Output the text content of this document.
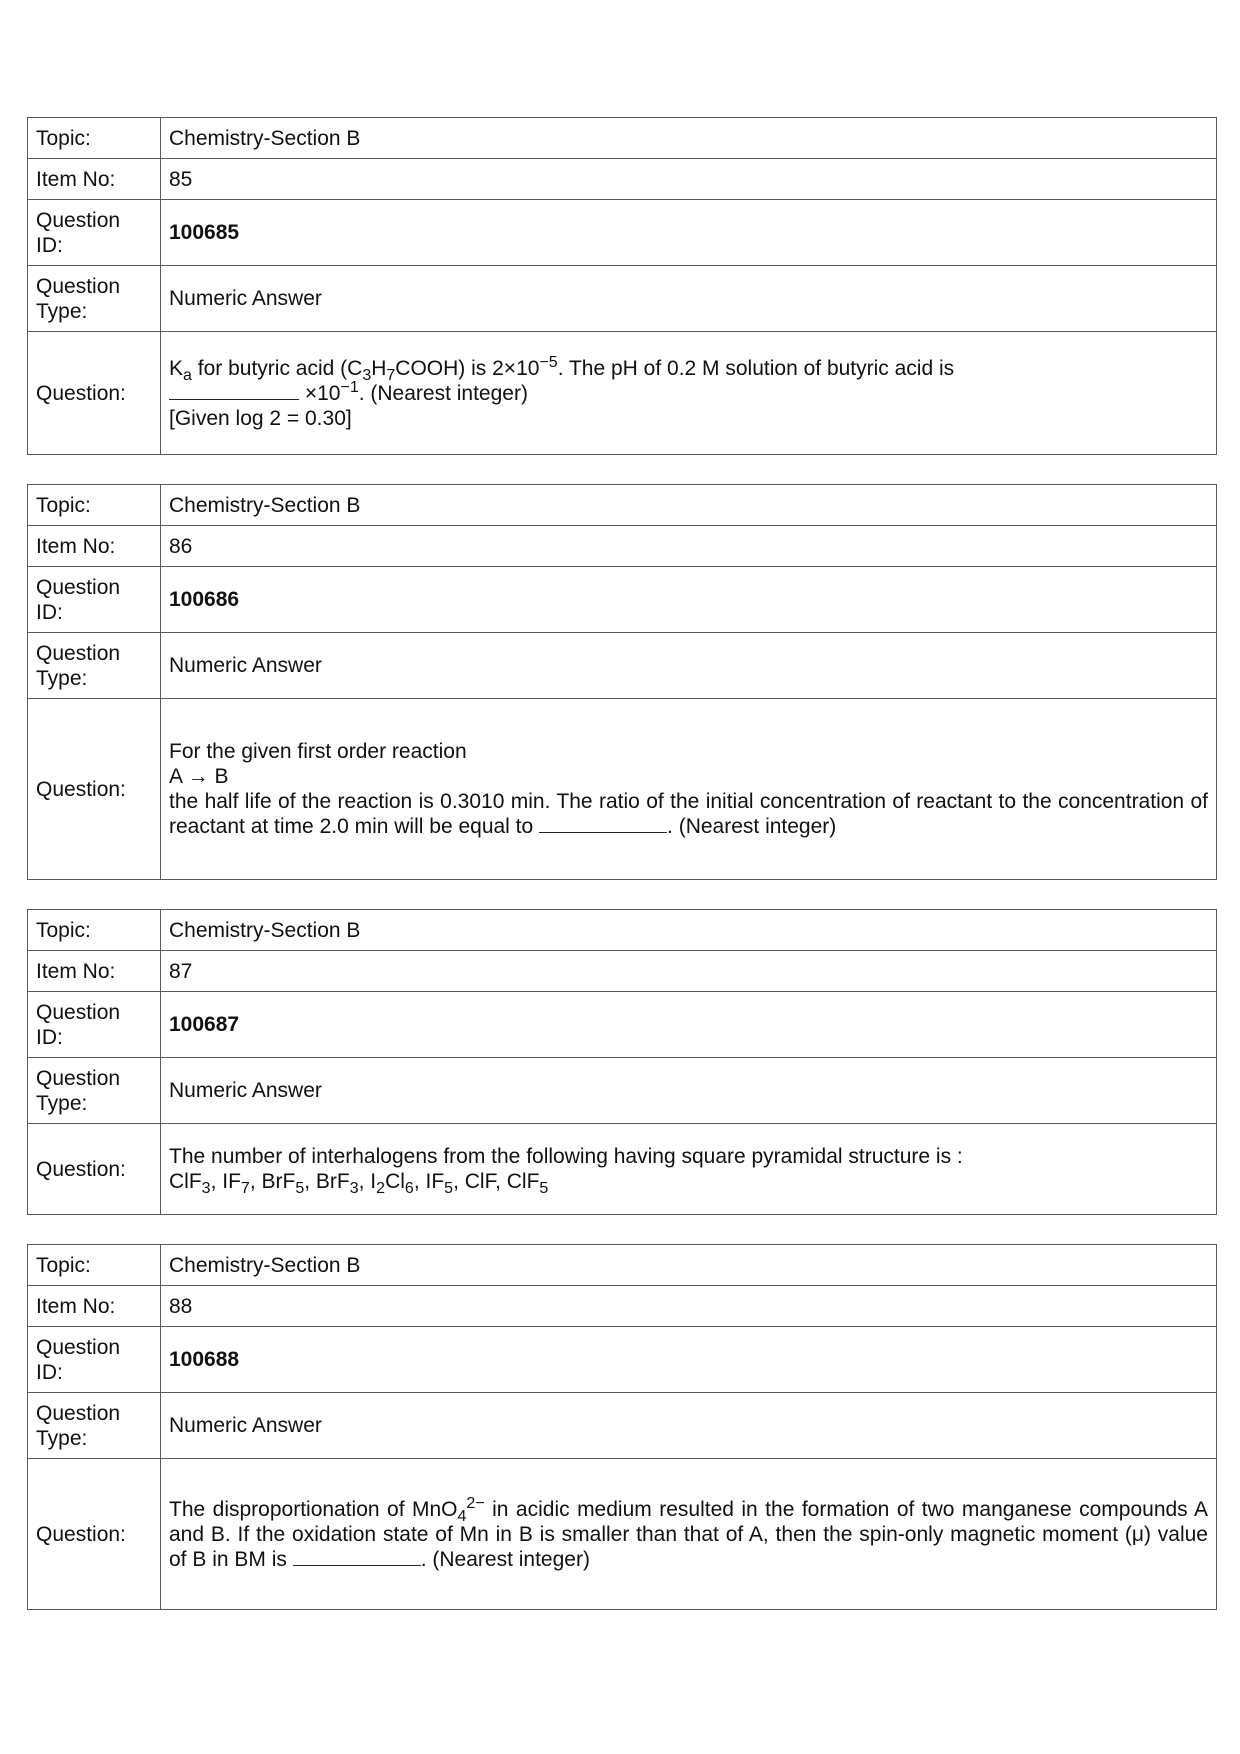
Topic:	Chemistry-Section B
Item No:	85
Question ID:	100685
Question Type:	Numeric Answer
Question:	$K_a$ for butyric acid $(C_3H_7COOH)$ is $2\times 10^{-5}$. The pH of 0.2 M solution of butyric acid is
$\times 10^{-1}$. (Nearest integer)
[Given log 2 = 0.30]
Topic:	Chemistry-Section B
Item No:	86
Question ID:	100686
Question Type:	Numeric Answer
Question:	For the given first order reaction
A → B
the half life of the reaction is 0.3010 min. The ratio of the initial concentration of reactant to the concentration of reactant at time 2.0 min will be equal to . (Nearest integer)
Topic:	Chemistry-Section B
Item No:	87
Question ID:	100687
Question Type:	Numeric Answer
Question:	The number of interhalogens from the following having square pyramidal structure is :
ClF$_3$, $IF_7$, BrF$_5$, BrF$_3$, $I_2Cl_6$, $IF_5$, ClF, ClF$_5$
Topic:	Chemistry-Section B
Item No:	88
Question ID:	100688
Question Type:	Numeric Answer
Question:	The disproportionation of MnO$_4^{2-}$ in acidic medium resulted in the formation of two manganese compounds A and B. If the oxidation state of Mn in B is smaller than that of A, then the spin-only magnetic moment (μ) value of B in BM is . (Nearest integer)
